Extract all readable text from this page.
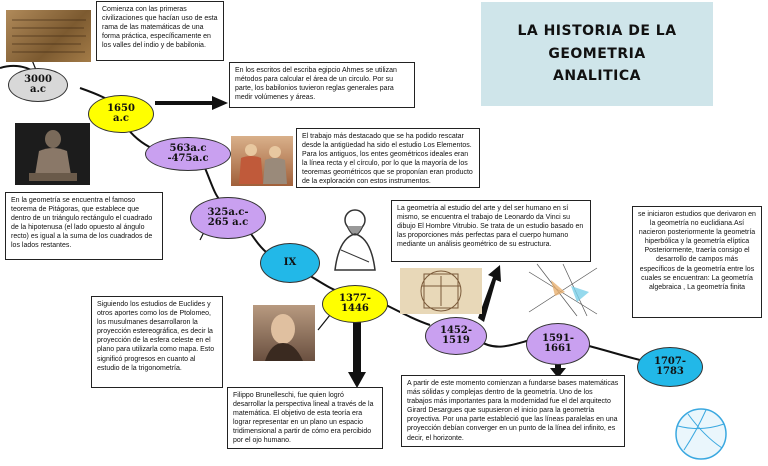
LA HISTORIA DE LA
GEOMETRIA
ANALITICA
3000
a.c
1650
a.c
563a.c
-475a.c
325a.c-
265 a.c
IX
1377-
1446
1452-
1519	1591-
1661
1707-
1783
Comienza con las primeras civilizaciones que hacían uso de esta rama de las matemáticas de una forma práctica, específicamente en los valles del indio y de babilonia.
En los escritos del escriba egipcio Ahmes se utilizan métodos para calcular el área de un circulo. Por su parte, los babilonios tuvieron reglas generales para medir volúmenes y áreas.
El trabajo más destacado que se ha podido rescatar desde la antigüedad ha sido el estudio Los Elementos. Para los antiguos, los entes geométricos ideales eran la línea recta y el círculo, por lo que la mayoría de los teoremas geométricos que se proponían eran producto de la exploración con estos instrumentos.
En la geometría se encuentra el famoso teorema de Pitágoras, que establece que dentro de un triángulo rectángulo el cuadrado de la hipotenusa (el lado opuesto al ángulo recto) es igual a la suma de los cuadrados de los lados restantes.
La geometría al estudio del arte y del ser humano en sí mismo, se encuentra el trabajo de Leonardo da Vinci su dibujo El Hombre Vitrubio. Se trata de un estudio basado en las proporciones más perfectas para el cuerpo humano mediante un análisis geométrico de su estructura.
se iniciaron estudios que derivaron en la geometría no euclidiana.Así nacieron posteriormente la geometría hiperbólica y la geometría elíptica Posteriormente, traería consigo el desarrollo de campos más específicos de la geometría entre los cuales se encuentran: La geometría algebraica , La geometría finita
Siguiendo los estudios de Euclides y otros aportes como los de Ptolomeo, los musulmanes desarrollaron la proyección estereográfica, es decir la proyección de la esfera celeste en el plano para utilizarla como mapa. Esto significó progresos en cuanto al estudio de la trigonometría.
Filippo Brunelleschi, fue quien logró desarrollar la perspectiva lineal a través de la matemática. El objetivo de esta teoría era lograr representar en un plano un espacio tridimensional a partir de cómo era percibido por el ojo humano.
A partir de este momento comienzan a fundarse bases matemáticas más sólidas y complejas dentro de la geometría. Uno de los trabajos más importantes para la modernidad fue el del arquitecto Girard Desargues que supusieron el inicio para la geometría proyectiva. Por una parte estableció que las líneas paralelas en una proyección debían converger en un punto de la línea del infinito, es decir, el horizonte.
